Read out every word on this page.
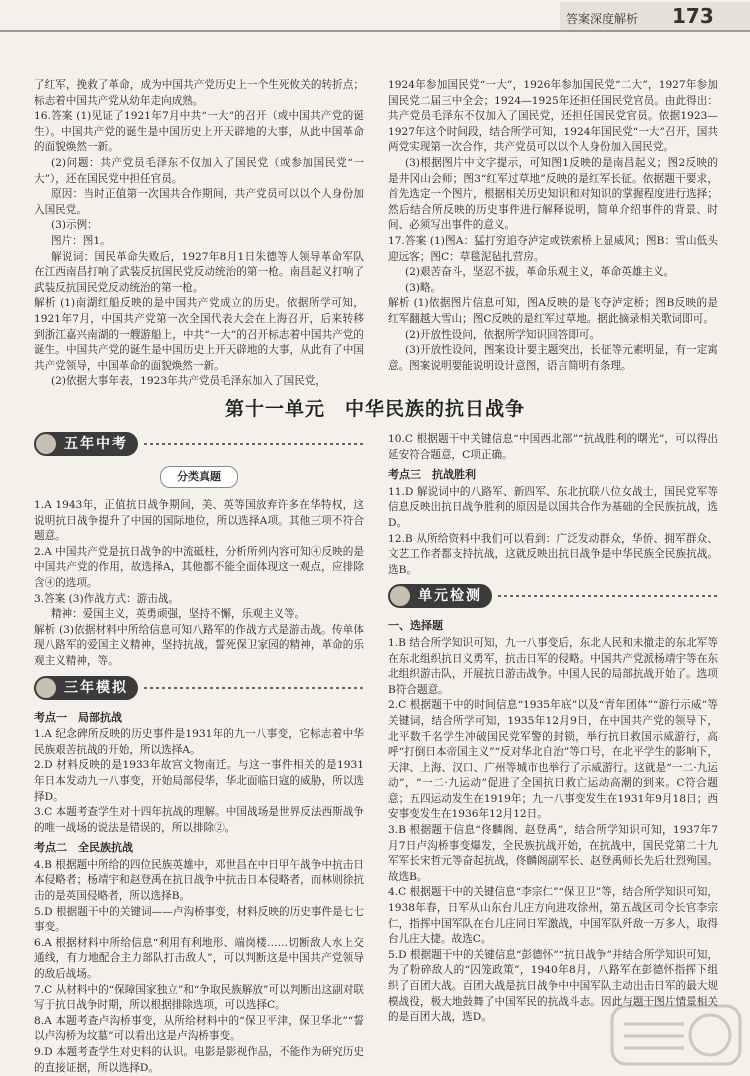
答案深度解析 173

了红军，挽救了革命，成为中国共产党历史上一个生死攸关的转折点；标志着中国共产党从幼年走向成熟。

16.答案 (1)见证了1921年7月中共“一大”的召开（或中国共产党的诞生）。中国共产党的诞生是中国历史上开天辟地的大事，从此中国革命的面貌焕然一新。

(2)问题：共产党员毛泽东不仅加入了国民党（或参加国民党“一大”），还在国民党中担任官员。

原因：当时正值第一次国共合作期间，共产党员可以以个人身份加入国民党。

(3)示例：

图片：图1。

解说词：国民革命失败后，1927年8月1日朱德等人领导革命军队在江西南昌打响了武装反抗国民党反动统治的第一枪。南昌起义打响了武装反抗国民党反动统治的第一枪。

解析 (1)南湖红船反映的是中国共产党成立的历史。依据所学可知，1921年7月，中国共产党第一次全国代表大会在上海召开，后来转移到浙江嘉兴南湖的一艘游船上，中共“一大”的召开标志着中国共产党的诞生。中国共产党的诞生是中国历史上开天辟地的大事，从此有了中国共产党领导，中国革命的面貌焕然一新。

(2)依据大事年表，1923年共产党员毛泽东加入了国民党，

1924年参加国民党“一大”，1926年参加国民党“二大”，1927年参加国民党二届三中全会；1924—1925年还担任国民党官员。由此得出：共产党员毛泽东不仅加入了国民党，还担任国民党官员。依据1923—1927年这个时间段，结合所学可知，1924年国民党“一大”召开，国共两党实现第一次合作，共产党员可以以个人身份加入国民党。

(3)根据图片中文字提示，可知图1反映的是南昌起义；图2反映的是井冈山会师；图3“红军过草地”反映的是红军长征。依据题干要求，首先选定一个图片，根据相关历史知识和对知识的掌握程度进行选择；然后结合所反映的历史事件进行解释说明，简单介绍事件的背景、时间、必须写出事件的意义。

17.答案 (1)图A：猛打穷追夺泸定或铁索桥上显威风；图B：雪山低头迎远客；图C：草毯泥毡扎营房。

(2)艰苦奋斗，坚忍不拔，革命乐观主义，革命英雄主义。

(3)略。

解析 (1)依据图片信息可知，图A反映的是飞夺泸定桥；图B反映的是红军翻越大雪山；图C反映的是红军过草地。据此摘录相关歌词即可。

(2)开放性设问，依据所学知识回答即可。

(3)开放性设问，图案设计要主题突出，长征等元素明显，有一定寓意。图案说明要能说明设计意图，语言简明有条理。

第十一单元　中华民族的抗日战争
五年中考
分类真题

1.A 1943年，正值抗日战争期间，美、英等国放弃许多在华特权，这说明抗日战争提升了中国的国际地位，所以选择A项。其他三项不符合题意。

2.A 中国共产党是抗日战争的中流砥柱，分析所列内容可知④反映的是中国共产党的作用，故选择A，其他都不能全面体现这一观点，应排除含④的选项。

3.答案 (3)作战方式：游击战。

精神：爱国主义，英勇顽强，坚持不懈，乐观主义等。

解析 (3)依据材料中所给信息可知八路军的作战方式是游击战。传单体现八路军的爱国主义精神，坚持抗战，誓死保卫家园的精神，革命的乐观主义精神，等。

三年模拟
考点一　局部抗战

1.A 纪念碑所反映的历史事件是1931年的九一八事变，它标志着中华民族艰苦抗战的开始，所以选择A。

2.D 材料反映的是1933年故宫文物南迁。与这一事件相关的是1931年日本发动九一八事变，开始局部侵华，华北面临日寇的威胁，所以选择D。

3.C 本题考查学生对十四年抗战的理解。中国战场是世界反法西斯战争的唯一战场的说法是错误的，所以排除②。

考点二　全民族抗战

4.B 根据题中所给的四位民族英雄中，邓世昌在中日甲午战争中抗击日本侵略者；杨靖宇和赵登禹在抗日战争中抗击日本侵略者，而林则徐抗击的是英国侵略者，所以选择B。

5.D 根据题干中的关键词——卢沟桥事变，材料反映的历史事件是七七事变。

6.A 根据材料中所给信息“利用有利地形、端岗楼……切断敌人水上交通线，有力地配合主力部队打击敌人”，可以判断这是中国共产党领导的敌后战场。

7.C 从材料中的“保障国家独立”和“争取民族解放”可以判断出这副对联写于抗日战争时期，所以根据排除选项，可以选择C。

8.A 本题考查卢沟桥事变，从所给材料中的“保卫平津，保卫华北”“誓以卢沟桥为坟墓”可以看出这是卢沟桥事变。

9.D 本题考查学生对史料的认识。电影是影视作品，不能作为研究历史的直接证据，所以选择D。

10.C 根据题干中关键信息“中国西北部”“抗战胜利的曙光”，可以得出延安符合题意，C项正确。

考点三　抗战胜利

11.D 解说词中的八路军、新四军、东北抗联八位女战士，国民党军等信息反映出抗日战争胜利的原因是以国共合作为基础的全民族抗战，选D。

12.B 从所给资料中我们可以看到：广泛发动群众，华侨、拥军群众、文艺工作者都支持抗战，这就反映出抗日战争是中华民族全民族抗战。选B。

单元检测
一、选择题

1.B 结合所学知识可知，九一八事变后，东北人民和未撤走的东北军等在东北组织抗日义勇军，抗击日军的侵略。中国共产党派杨靖宇等在东北组织游击队，开展抗日游击战争。中国人民的局部抗战开始了。选项B符合题意。

2.C 根据题干中的时间信息“1935年底”以及“青年团体”“游行示威”等关键词，结合所学可知，1935年12月9日，在中国共产党的领导下，北平数千名学生冲破国民党军警的封锁，举行抗日救国示威游行，高呼“打倒日本帝国主义”“反对华北自治”等口号，在北平学生的影响下，天津、上海、汉口、广州等城市也举行了示威游行。这就是“一二·九运动”，“一二·九运动”促进了全国抗日救亡运动高潮的到来。C符合题意；五四运动发生在1919年；九一八事变发生在1931年9月18日；西安事变发生在1936年12月12日。

3.B 根据题干信息“佟麟阁、赵登禹”，结合所学知识可知，1937年7月7日卢沟桥事变爆发，全民族抗战开始，在抗战中，国民党第二十九军军长宋哲元等奋起抗战，佟麟阁副军长、赵登禹师长先后壮烈殉国。故选B。

4.C 根据题干中的关键信息“李宗仁”“保卫卫”等，结合所学知识可知，1938年春，日军从山东台儿庄方向进攻徐州，第五战区司令长官李宗仁，指挥中国军队在台儿庄同日军激战，中国军队歼敌一万多人，取得台儿庄大捷。故选C。

5.D 根据题干中的关键信息“彭德怀”“抗日战争”并结合所学知识可知，为了粉碎敌人的“囚笼政策”，1940年8月，八路军在彭德怀指挥下组织了百团大战。百团大战是抗日战争中中国军队主动出击日军的最大规模战役，极大地鼓舞了中国军民的抗战斗志。因此与题干图片情景相关的是百团大战，选D。
